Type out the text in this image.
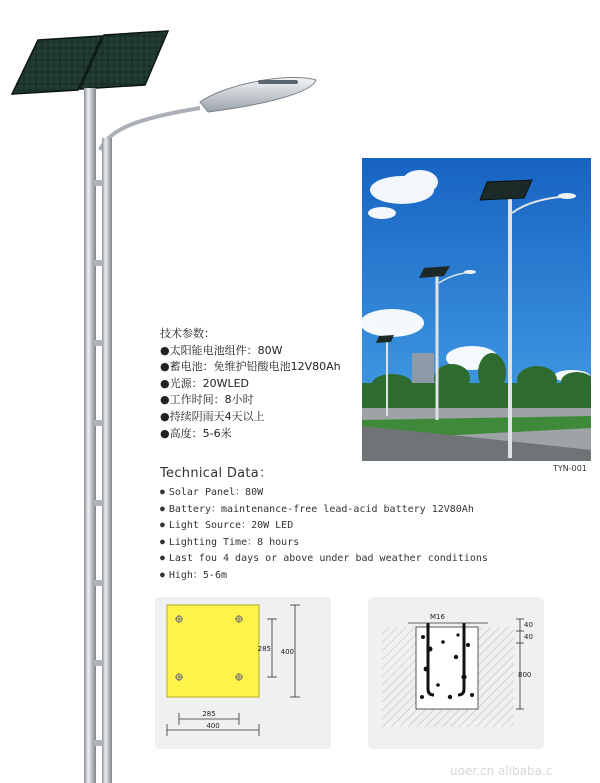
TYN-001
技术参数：
●太阳能电池组件：80W
●蓄电池：免维护铅酸电池12V80Ah
●光源：20WLED
●工作时间：8小时
●持续阴雨天4天以上
●高度：5-6米
Technical Data：
● Solar Panel：80W
● Battery：maintenance-free lead-acid battery 12V80Ah
● Light Source：20W LED
● Lighting Time：8 hours
● Last fou 4 days or above under bad weather conditions
● High：5-6m
285 400
285
400
M16
40
40
800
uoer.cn alibaba.c
